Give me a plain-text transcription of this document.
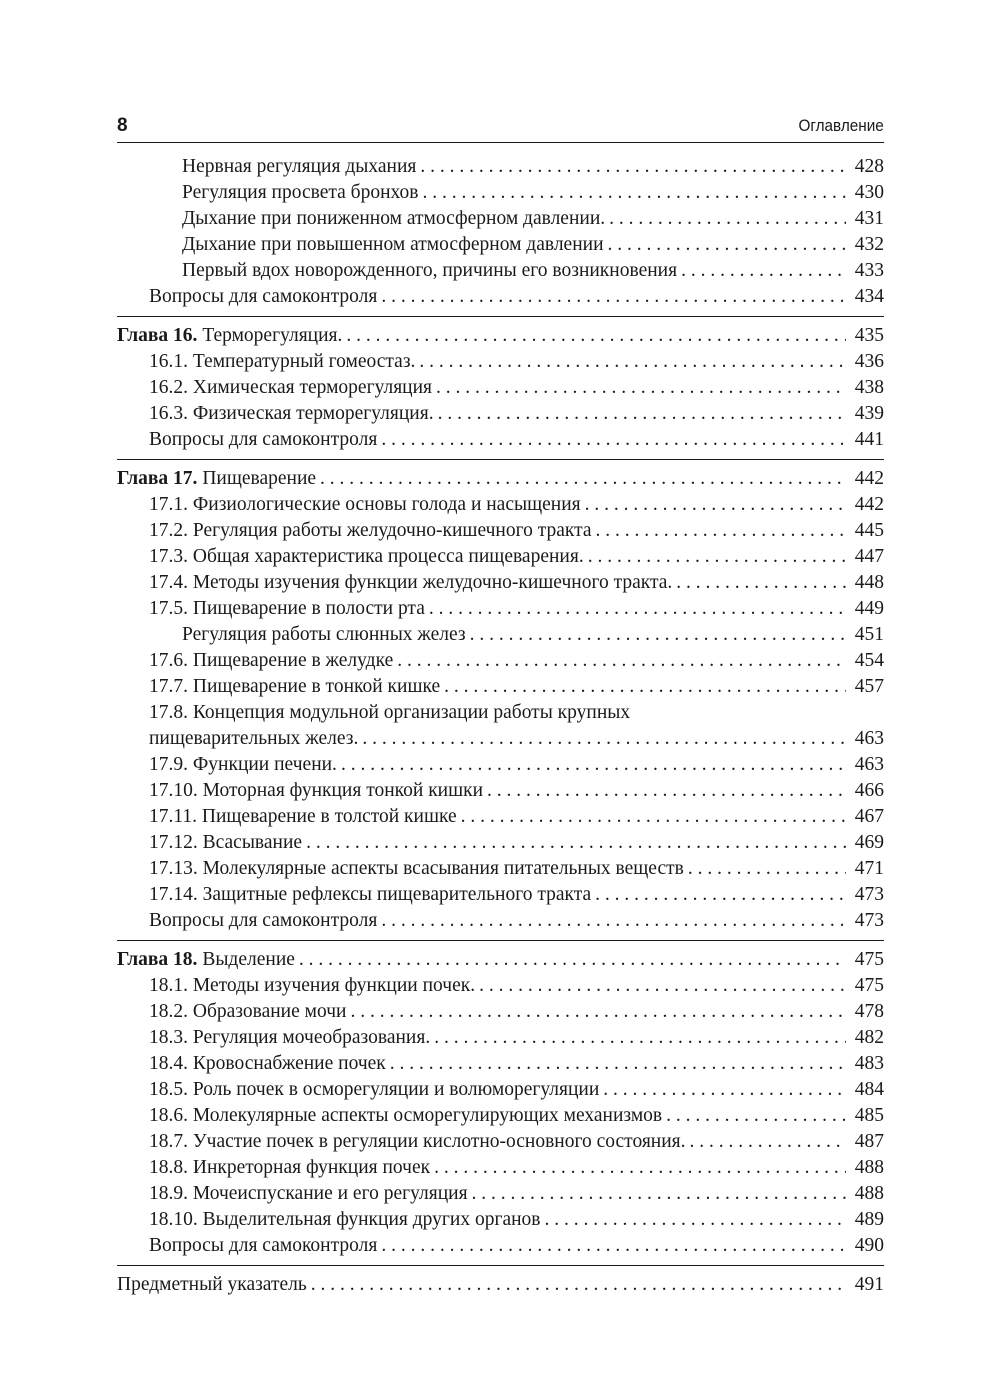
8	Оглавление
Нервная регуляция дыхания . . .	428
Регуляция просвета бронхов . . .	430
Дыхание при пониженном атмосферном давлении. . . .	431
Дыхание при повышенном атмосферном давлении . . .	432
Первый вдох новорожденного, причины его возникновения . . .	433
Вопросы для самоконтроля . . .	434
Глава 16. Терморегуляция. . . .	435
16.1. Температурный гомеостаз. . . .	436
16.2. Химическая терморегуляция . . .	438
16.3. Физическая терморегуляция. . . .	439
Вопросы для самоконтроля . . .	441
Глава 17. Пищеварение . . .	442
17.1. Физиологические основы голода и насыщения . . .	442
17.2. Регуляция работы желудочно-кишечного тракта . . .	445
17.3. Общая характеристика процесса пищеварения. . . .	447
17.4. Методы изучения функции желудочно-кишечного тракта. . . .	448
17.5. Пищеварение в полости рта . . .	449
Регуляция работы слюнных желез . . .	451
17.6. Пищеварение в желудке . . .	454
17.7. Пищеварение в тонкой кишке . . .	457
17.8. Концепция модульной организации работы крупных
пищеварительных желез. . . .	463
17.9. Функции печени. . . .	463
17.10. Моторная функция тонкой кишки . . .	466
17.11. Пищеварение в толстой кишке . . .	467
17.12. Всасывание . . .	469
17.13. Молекулярные аспекты всасывания питательных веществ . . .	471
17.14. Защитные рефлексы пищеварительного тракта . . .	473
Вопросы для самоконтроля . . .	473
Глава 18. Выделение . . .	475
18.1. Методы изучения функции почек. . . .	475
18.2. Образование мочи . . .	478
18.3. Регуляция мочеобразования. . . .	482
18.4. Кровоснабжение почек . . .	483
18.5. Роль почек в осморегуляции и волюморегуляции . . .	484
18.6. Молекулярные аспекты осморегулирующих механизмов . . .	485
18.7. Участие почек в регуляции кислотно-основного состояния. . . .	487
18.8. Инкреторная функция почек . . .	488
18.9. Мочеиспускание и его регуляция . . .	488
18.10. Выделительная функция других органов . . .	489
Вопросы для самоконтроля . . .	490
Предметный указатель . . .	491
